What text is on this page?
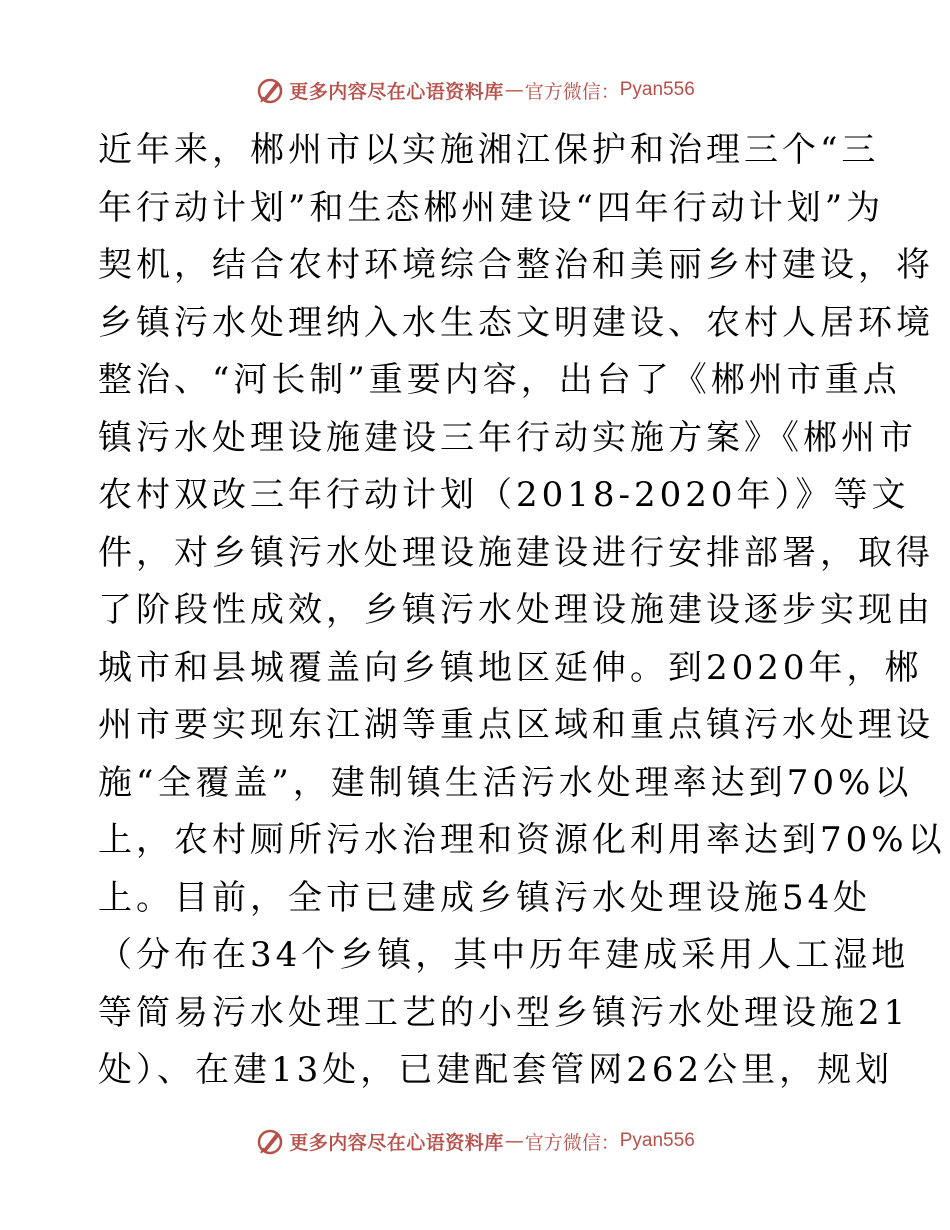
更多内容尽在心语资料库 — 官方微信： Pyan556
近年来，郴州市以实施湘江保护和治理三个“三
年行动计划”和生态郴州建设“四年行动计划”为
契机，结合农村环境综合整治和美丽乡村建设，将
乡镇污水处理纳入水生态文明建设、农村人居环境
整治、“河长制”重要内容，出台了《郴州市重点
镇污水处理设施建设三年行动实施方案》《郴州市
农村双改三年行动计划（2018-2020年）》等文
件，对乡镇污水处理设施建设进行安排部署，取得
了阶段性成效，乡镇污水处理设施建设逐步实现由
城市和县城覆盖向乡镇地区延伸。到2020年，郴
州市要实现东江湖等重点区域和重点镇污水处理设
施“全覆盖”，建制镇生活污水处理率达到70%以
上，农村厕所污水治理和资源化利用率达到70%以
上。目前，全市已建成乡镇污水处理设施54处
（分布在34个乡镇，其中历年建成采用人工湿地
等简易污水处理工艺的小型乡镇污水处理设施21
处）、在建13处，已建配套管网262公里，规划
更多内容尽在心语资料库 — 官方微信： Pyan556
